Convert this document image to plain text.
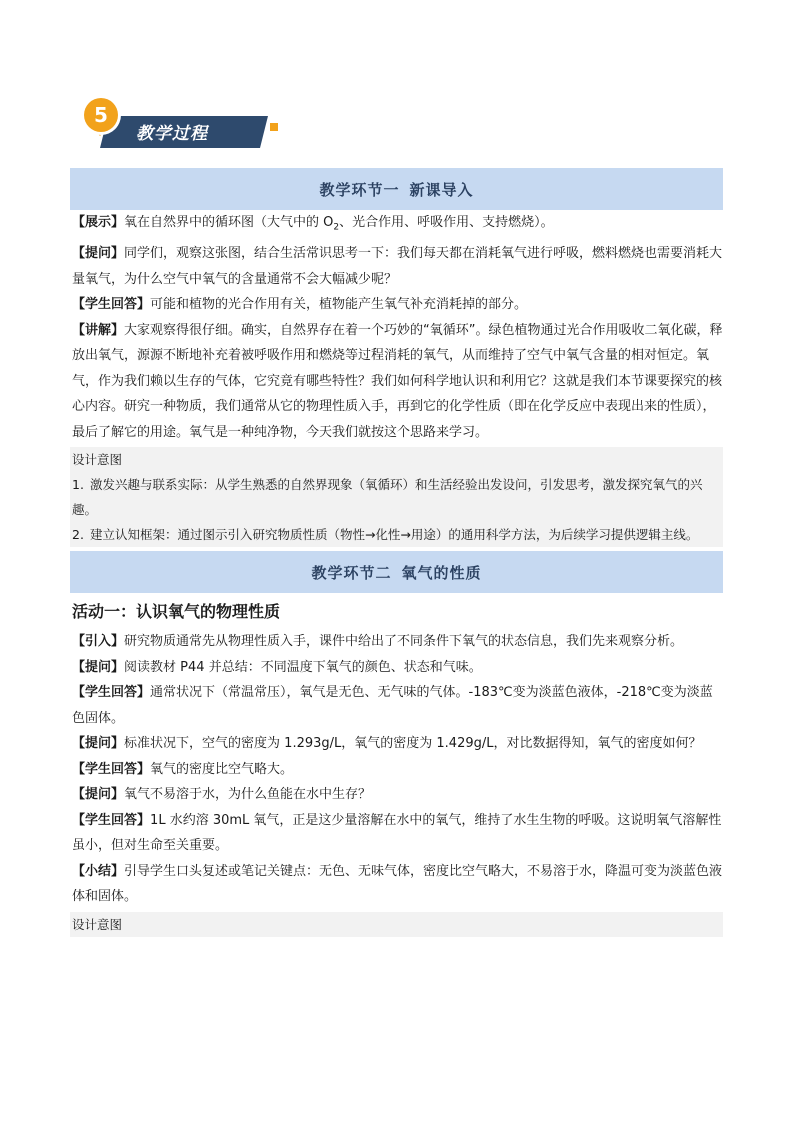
5
教学过程
教学环节一 新课导入

【 展示 】 氧在自然界中的循环图（大气中的 $O_2$、光合作用、呼吸作用、支持燃烧）。

【 提问 】 同学们，观察这张图，结合生活常识思考一下：我们每天都在消耗氧气进行呼吸，燃料燃烧也需要消耗大量氧气，为什么空气中氧气的含量通常不会大幅减少呢？

【 学生回答 】 可能和植物的光合作用有关，植物能产生氧气补充消耗掉的部分。

【 讲解 】 大家观察得很仔细。确实，自然界存在着一个巧妙的“氧循环”。绿色植物通过光合作用吸收二氧化碳，释放出氧气，源源不断地补充着被呼吸作用和燃烧等过程消耗的氧气，从而维持了空气中氧气含量的相对恒定。氧气，作为我们赖以生存的气体，它究竟有哪些特性？我们如何科学地认识和利用它？这就是我们本节课要探究的核心内容。研究一种物质，我们通常从它的物理性质入手，再到它的化学性质（即在化学反应中表现出来的性质），最后了解它的用途。氧气是一种纯净物，今天我们就按这个思路来学习。

设计意图

1. 激发兴趣与联系实际：从学生熟悉的自然界现象（氧循环）和生活经验出发设问，引发思考，激发探究氧气的兴趣。

2. 建立认知框架：通过图示引入研究物质性质（物性→化性→用途）的通用科学方法，为后续学习提供逻辑主线。

教学环节二 氧气的性质
活动一：认识氧气的物理性质

【 引入 】 研究物质通常先从物理性质入手，课件中给出了不同条件下氧气的状态信息，我们先来观察分析。

【 提问 】 阅读教材 P44 并总结：不同温度下氧气的颜色、状态和气味。

【 学生回答 】 通常状况下（常温常压），氧气是无色、无气味的气体。-183℃变为淡蓝色液体，-218℃变为淡蓝色固体。

【 提问 】 标准状况下，空气的密度为 1.293g/L，氧气的密度为 1.429g/L，对比数据得知，氧气的密度如何？

【 学生回答 】 氧气的密度比空气略大。

【 提问 】 氧气不易溶于水，为什么鱼能在水中生存？

【 学生回答 】 1L 水约溶 30mL 氧气，正是这少量溶解在水中的氧气，维持了水生生物的呼吸。这说明氧气溶解性虽小，但对生命至关重要。

【 小结 】 引导学生口头复述或笔记关键点：无色、无味气体，密度比空气略大，不易溶于水，降温可变为淡蓝色液体和固体。

设计意图
